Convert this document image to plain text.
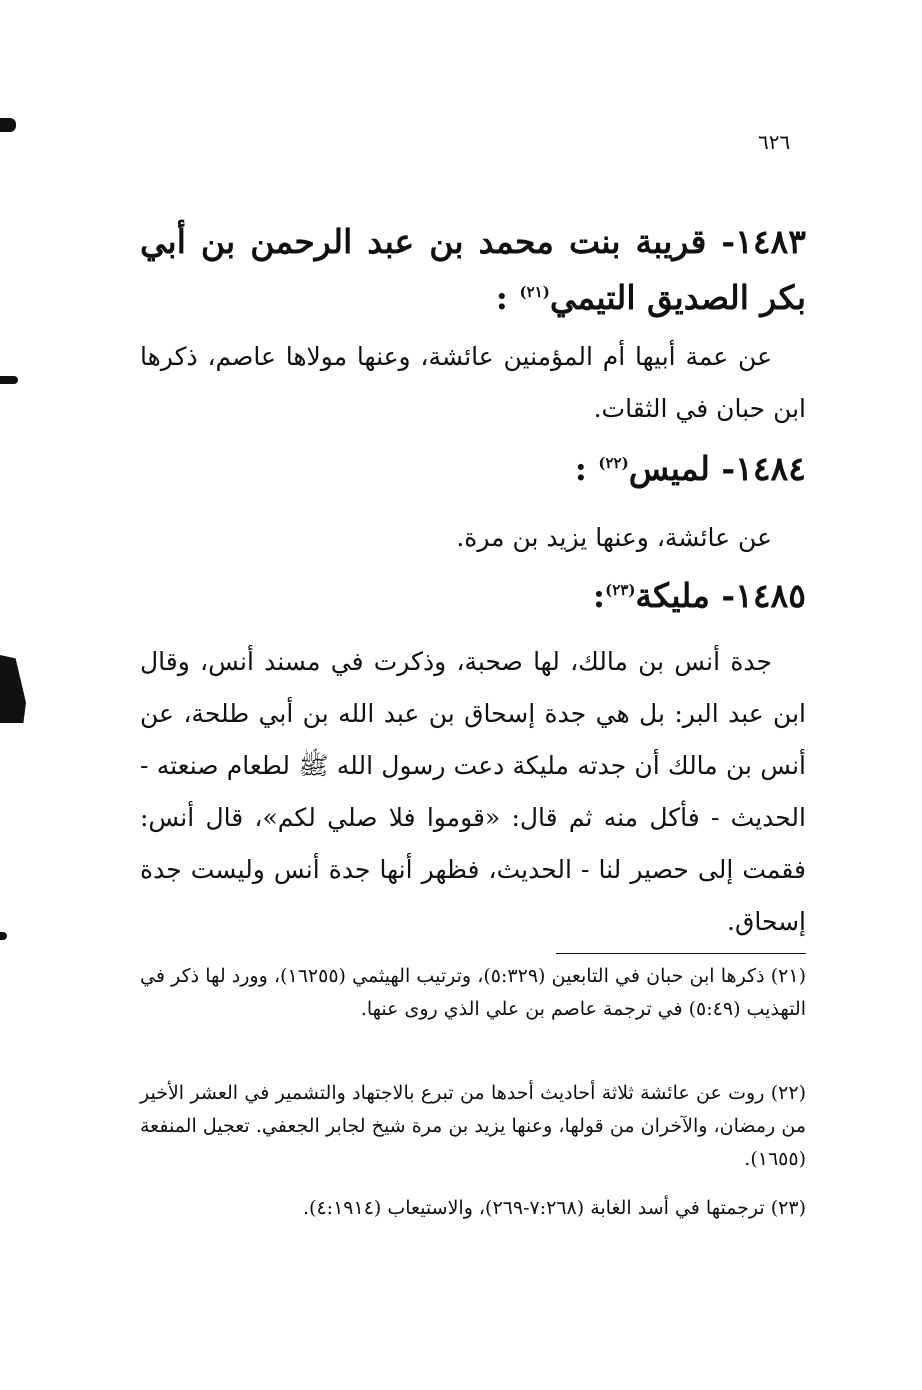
٦٢٦

١٤٨٣- قريبة بنت محمد بن عبد الرحمن بن أبي بكر الصديق التيمي$^{(٢١)}$ :

عن عمة أبيها أم المؤمنين عائشة، وعنها مولاها عاصم، ذكرها ابن حبان في الثقات.

١٤٨٤- لميس$^{(٢٢)}$ :

عن عائشة، وعنها يزيد بن مرة.

١٤٨٥- مليكة$^{(٢٣)}$:

جدة أنس بن مالك، لها صحبة، وذكرت في مسند أنس، وقال ابن عبد البر: بل هي جدة إسحاق بن عبد الله بن أبي طلحة، عن أنس بن مالك أن جدته مليكة دعت رسول الله ﷺ لطعام صنعته - الحديث - فأكل منه ثم قال: «قوموا فلا صلي لكم»، قال أنس: فقمت إلى حصير لنا - الحديث، فظهر أنها جدة أنس وليست جدة إسحاق.

(٢١) ذكرها ابن حبان في التابعين (٥:٣٢٩)، وترتيب الهيثمي (١٦٢٥٥)، وورد لها ذكر في التهذيب (٥:٤٩) في ترجمة عاصم بن علي الذي روى عنها.

(٢٢) روت عن عائشة ثلاثة أحاديث أحدها من تبرع بالاجتهاد والتشمير في العشر الأخير من رمضان، والآخران من قولها، وعنها يزيد بن مرة شيخ لجابر الجعفي. تعجيل المنفعة (١٦٥٥).

(٢٣) ترجمتها في أسد الغابة (٧:٢٦٨-٢٦٩)، والاستيعاب (٤:١٩١٤).
